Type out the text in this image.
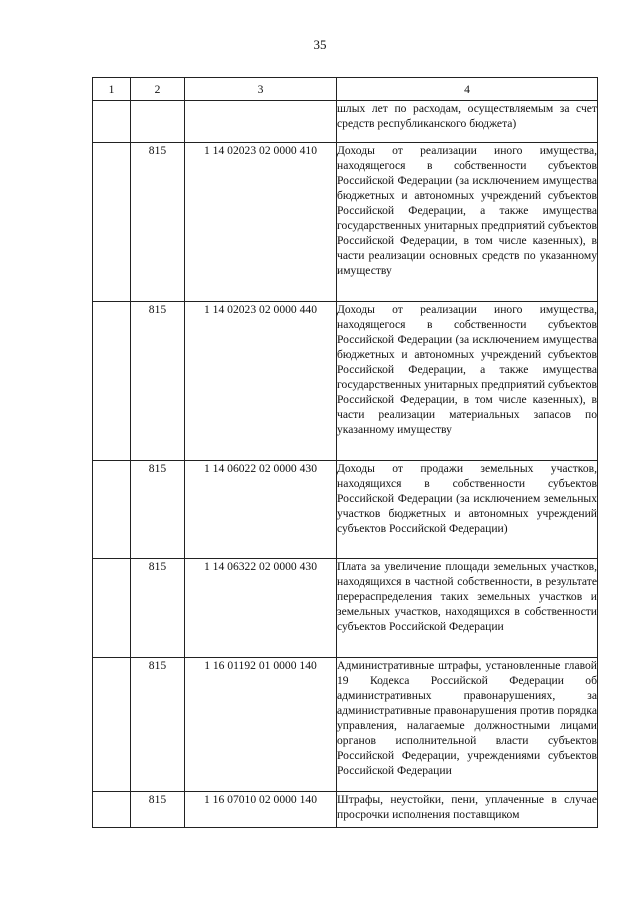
35
1	2	3	4
			шлых лет по расходам, осуществляемым за счет средств республиканского бюджета)
	815	1 14 02023 02 0000 410	Доходы от реализации иного имущества, находящегося в собственности субъектов Российской Федерации (за исключением имущества бюджетных и автономных учреждений субъектов Российской Федерации, а также имущества государственных унитарных предприятий субъектов Российской Федерации, в том числе казенных), в части реализации основных средств по указанному имуществу
	815	1 14 02023 02 0000 440	Доходы от реализации иного имущества, находящегося в собственности субъектов Российской Федерации (за исключением имущества бюджетных и автономных учреждений субъектов Российской Федерации, а также имущества государственных унитарных предприятий субъектов Российской Федерации, в том числе казенных), в части реализации материальных запасов по указанному имуществу
	815	1 14 06022 02 0000 430	Доходы от продажи земельных участков, находящихся в собственности субъектов Российской Федерации (за исключением земельных участков бюджетных и автономных учреждений субъектов Российской Федерации)
	815	1 14 06322 02 0000 430	Плата за увеличение площади земельных участков, находящихся в частной собственности, в результате перераспределения таких земельных участков и земельных участков, находящихся в собственности субъектов Российской Федерации
	815	1 16 01192 01 0000 140	Административные штрафы, установленные главой 19 Кодекса Российской Федерации об административных правонарушениях, за административные правонарушения против порядка управления, налагаемые должностными лицами органов исполнительной власти субъектов Российской Федерации, учреждениями субъектов Российской Федерации
	815	1 16 07010 02 0000 140	Штрафы, неустойки, пени, уплаченные в случае просрочки исполнения поставщиком
